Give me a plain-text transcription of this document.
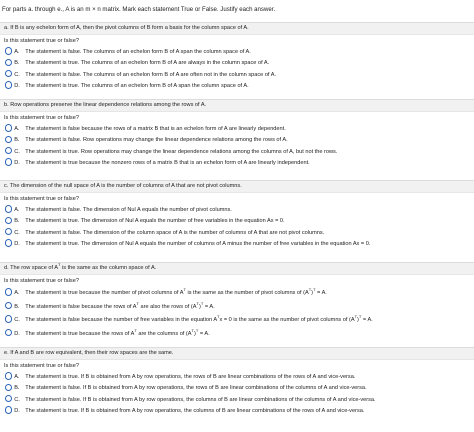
For parts a. through e., A is an m × n matrix. Mark each statement True or False. Justify each answer.
a. If B is any echelon form of A, then the pivot columns of B form a basis for the column space of A.
Is this statement true or false?
A. The statement is false. The columns of an echelon form B of A span the column space of A.
B. The statement is true. The columns of an echelon form B of A are always in the column space of A.
C. The statement is false. The columns of an echelon form B of A are often not in the column space of A.
D. The statement is true. The columns of an echelon form B of A span the column space of A.
b. Row operations preserve the linear dependence relations among the rows of A.
Is this statement true or false?
A. The statement is false because the rows of a matrix B that is an echelon form of A are linearly dependent.
B. The statement is false. Row operations may change the linear dependence relations among the rows of A.
C. The statement is true. Row operations may change the linear dependence relations among the columns of A, but not the rows.
D. The statement is true because the nonzero rows of a matrix B that is an echelon form of A are linearly independent.
c. The dimension of the null space of A is the number of columns of A that are not pivot columns.
Is this statement true or false?
A. The statement is false. The dimension of Nul A equals the number of pivot columns.
B. The statement is true. The dimension of Nul A equals the number of free variables in the equation Ax = 0.
C. The statement is false. The dimension of the column space of A is the number of columns of A that are not pivot columns.
D. The statement is true. The dimension of Nul A equals the number of columns of A minus the number of free variables in the equation Ax = 0.
d. The row space of $A^T$ is the same as the column space of A.
Is this statement true or false?
A. The statement is true because the number of pivot columns of $A^T$ is the same as the number of pivot columns of $(A^T)^T = A$.
B. The statement is false because the rows of $A^T$ are also the rows of $(A^T)^T = A$.
C. The statement is false because the number of free variables in the equation $A^Tx = 0$ is the same as the number of pivot columns of $(A^T)^T = A$.
D. The statement is true because the rows of $A^T$ are the columns of $(A^T)^T = A$.
e. If A and B are row equivalent, then their row spaces are the same.
Is this statement true or false?
A. The statement is true. If B is obtained from A by row operations, the rows of B are linear combinations of the rows of A and vice-versa.
B. The statement is false. If B is obtained from A by row operations, the rows of B are linear combinations of the columns of A and vice-versa.
C. The statement is false. If B is obtained from A by row operations, the columns of B are linear combinations of the columns of A and vice-versa.
D. The statement is true. If B is obtained from A by row operations, the columns of B are linear combinations of the rows of A and vice-versa.
